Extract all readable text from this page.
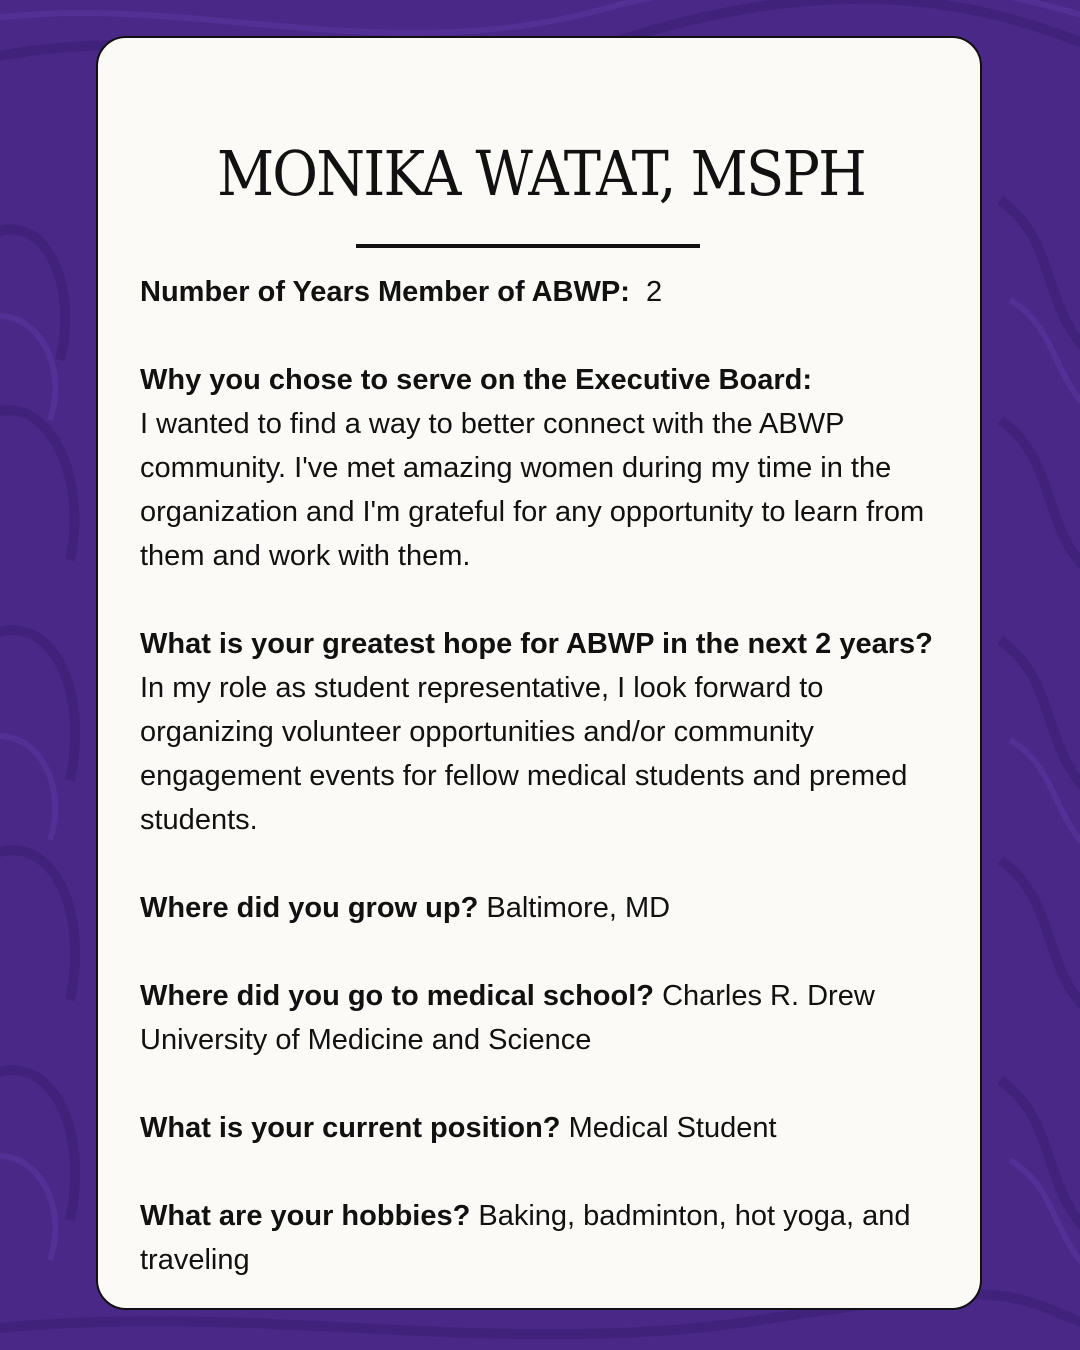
MONIKA WATAT, MSPH

Number of Years Member of ABWP: 2

Why you chose to serve on the Executive Board:
I wanted to find a way to better connect with the ABWP community. I've met amazing women during my time in the organization and I'm grateful for any opportunity to learn from them and work with them.

What is your greatest hope for ABWP in the next 2 years? In my role as student representative, I look forward to organizing volunteer opportunities and/or community engagement events for fellow medical students and premed students.

Where did you grow up? Baltimore, MD

Where did you go to medical school? Charles R. Drew University of Medicine and Science

What is your current position? Medical Student

What are your hobbies? Baking, badminton, hot yoga, and traveling
